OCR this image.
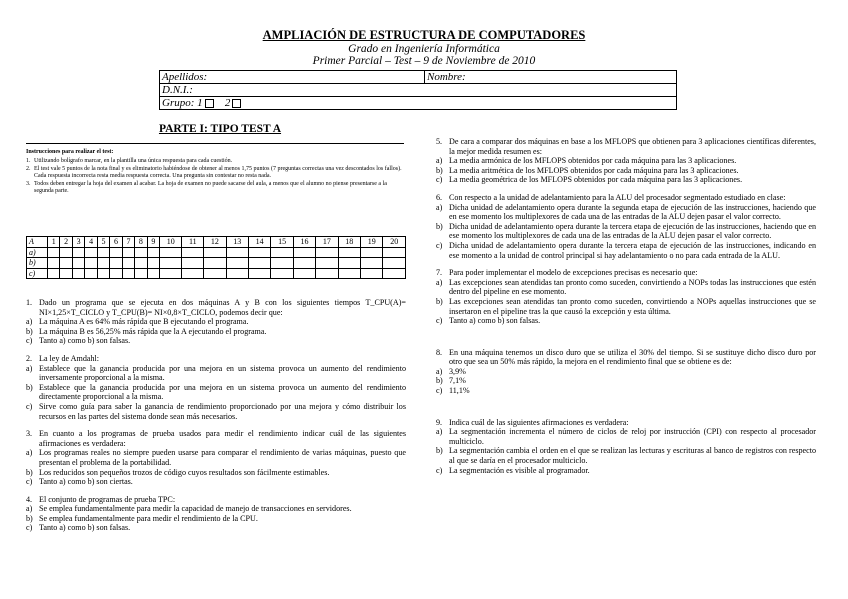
AMPLIACIÓN DE ESTRUCTURA DE COMPUTADORES
Grado en Ingeniería Informática
Primer Parcial – Test – 9 de Noviembre de 2010
Apellidos:	Nombre:
D.N.I.:
Grupo: 1 2
PARTE I: TIPO TEST A

Instrucciones para realizar el test:

1. Utilizando bolígrafo marcar, en la plantilla una única respuesta para cada cuestión.
2. El test vale 5 puntos de la nota final y es eliminatorio habiéndose de obtener al menos 1,75 puntos (7 preguntas correctas una vez descontados los fallos). Cada respuesta incorrecta resta media respuesta correcta. Una pregunta sin contestar no resta nada.
3. Todos deben entregar la hoja del examen al acabar. La hoja de examen no puede sacarse del aula, a menos que el alumno no piense presentarse a la segunda parte.
A	1	2	3	4	5	6	7	8	9	10	11	12	13	14	15	16	17	18	19	20
a)																				
b)																				
c)																				
1. Dado un programa que se ejecuta en dos máquinas A y B con los siguientes tiempos T_CPU(A)= NI×1,25×T_CICLO y T_CPU(B)= NI×0,8×T_CICLO, podemos decir que:
a) La máquina A es 64% más rápida que B ejecutando el programa.
b) La máquina B es 56,25% más rápida que la A ejecutando el programa.
c) Tanto a) como b) son falsas.
2. La ley de Amdahl:
a) Establece que la ganancia producida por una mejora en un sistema provoca un aumento del rendimiento inversamente proporcional a la misma.
b) Establece que la ganancia producida por una mejora en un sistema provoca un aumento del rendimiento directamente proporcional a la misma.
c) Sirve como guía para saber la ganancia de rendimiento proporcionado por una mejora y cómo distribuir los recursos en las partes del sistema donde sean más necesarios.
3. En cuanto a los programas de prueba usados para medir el rendimiento indicar cuál de las siguientes afirmaciones es verdadera:
a) Los programas reales no siempre pueden usarse para comparar el rendimiento de varias máquinas, puesto que presentan el problema de la portabilidad.
b) Los reducidos son pequeños trozos de código cuyos resultados son fácilmente estimables.
c) Tanto a) como b) son ciertas.
4. El conjunto de programas de prueba TPC:
a) Se emplea fundamentalmente para medir la capacidad de manejo de transacciones en servidores.
b) Se emplea fundamentalmente para medir el rendimiento de la CPU.
c) Tanto a) como b) son falsas.
5. De cara a comparar dos máquinas en base a los MFLOPS que obtienen para 3 aplicaciones científicas diferentes, la mejor medida resumen es:
a) La media armónica de los MFLOPS obtenidos por cada máquina para las 3 aplicaciones.
b) La media aritmética de los MFLOPS obtenidos por cada máquina para las 3 aplicaciones.
c) La media geométrica de los MFLOPS obtenidos por cada máquina para las 3 aplicaciones.
6. Con respecto a la unidad de adelantamiento para la ALU del procesador segmentado estudiado en clase:
a) Dicha unidad de adelantamiento opera durante la segunda etapa de ejecución de las instrucciones, haciendo que en ese momento los multiplexores de cada una de las entradas de la ALU dejen pasar el valor correcto.
b) Dicha unidad de adelantamiento opera durante la tercera etapa de ejecución de las instrucciones, haciendo que en ese momento los multiplexores de cada una de las entradas de la ALU dejen pasar el valor correcto.
c) Dicha unidad de adelantamiento opera durante la tercera etapa de ejecución de las instrucciones, indicando en ese momento a la unidad de control principal si hay adelantamiento o no para cada entrada de la ALU.
7. Para poder implementar el modelo de excepciones precisas es necesario que:
a) Las excepciones sean atendidas tan pronto como suceden, convirtiendo a NOPs todas las instrucciones que estén dentro del pipeline en ese momento.
b) Las excepciones sean atendidas tan pronto como suceden, convirtiendo a NOPs aquellas instrucciones que se insertaron en el pipeline tras la que causó la excepción y esta última.
c) Tanto a) como b) son falsas.
8. En una máquina tenemos un disco duro que se utiliza el 30% del tiempo. Si se sustituye dicho disco duro por otro que sea un 50% más rápido, la mejora en el rendimiento final que se obtiene es de:
a) 3,9%
b) 7,1%
c) 11,1%
9. Indica cuál de las siguientes afirmaciones es verdadera:
a) La segmentación incrementa el número de ciclos de reloj por instrucción (CPI) con respecto al procesador multiciclo.
b) La segmentación cambia el orden en el que se realizan las lecturas y escrituras al banco de registros con respecto al que se daría en el procesador multiciclo.
c) La segmentación es visible al programador.
